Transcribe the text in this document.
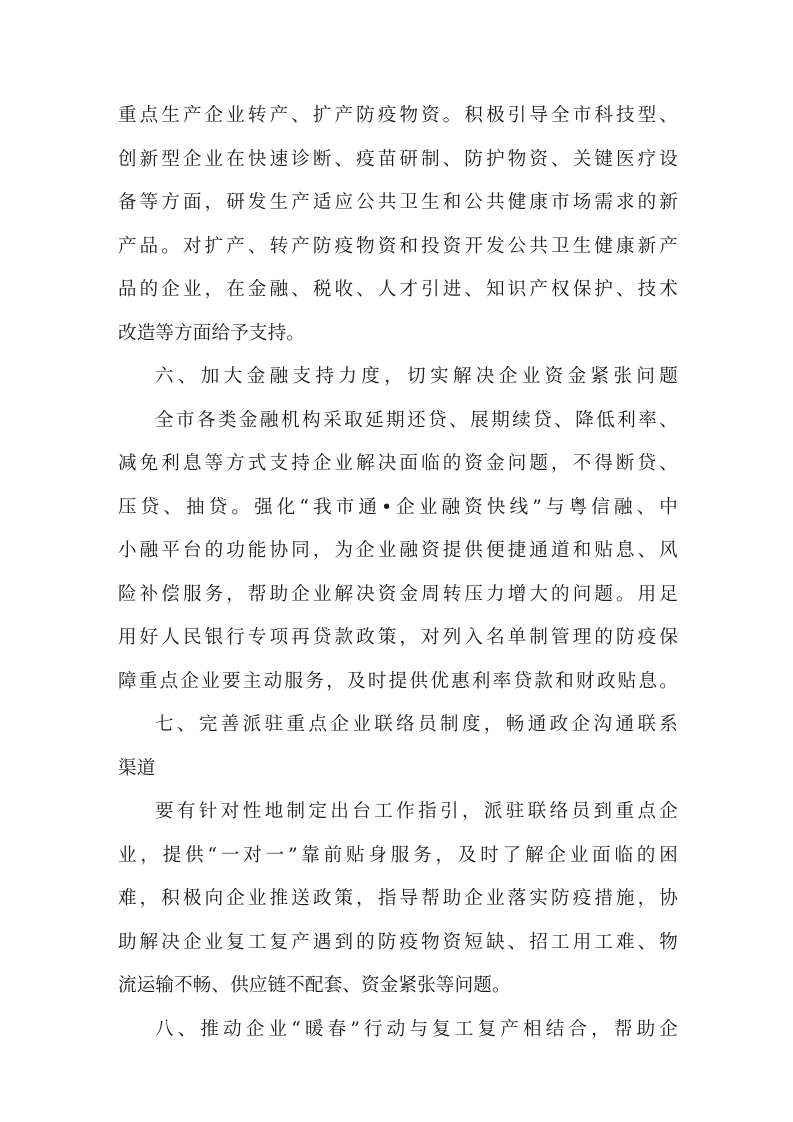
重点生产企业转产、扩产防疫物资。积极引导全市科技型、
创新型企业在快速诊断、疫苗研制、防护物资、关键医疗设
备等方面，研发生产适应公共卫生和公共健康市场需求的新
产品。对扩产、转产防疫物资和投资开发公共卫生健康新产
品的企业，在金融、税收、人才引进、知识产权保护、技术
改造等方面给予支持。
六、加大金融支持力度，切实解决企业资金紧张问题
全市各类金融机构采取延期还贷、展期续贷、降低利率、
减免利息等方式支持企业解决面临的资金问题，不得断贷、
压贷、抽贷。强化“我市通•企业融资快线”与粤信融、中
小融平台的功能协同，为企业融资提供便捷通道和贴息、风
险补偿服务，帮助企业解决资金周转压力增大的问题。用足
用好人民银行专项再贷款政策，对列入名单制管理的防疫保
障重点企业要主动服务，及时提供优惠利率贷款和财政贴息。
七、完善派驻重点企业联络员制度，畅通政企沟通联系
渠道
要有针对性地制定出台工作指引，派驻联络员到重点企
业，提供“一对一”靠前贴身服务，及时了解企业面临的困
难，积极向企业推送政策，指导帮助企业落实防疫措施，协
助解决企业复工复产遇到的防疫物资短缺、招工用工难、物
流运输不畅、供应链不配套、资金紧张等问题。
八、推动企业“暖春”行动与复工复产相结合，帮助企
